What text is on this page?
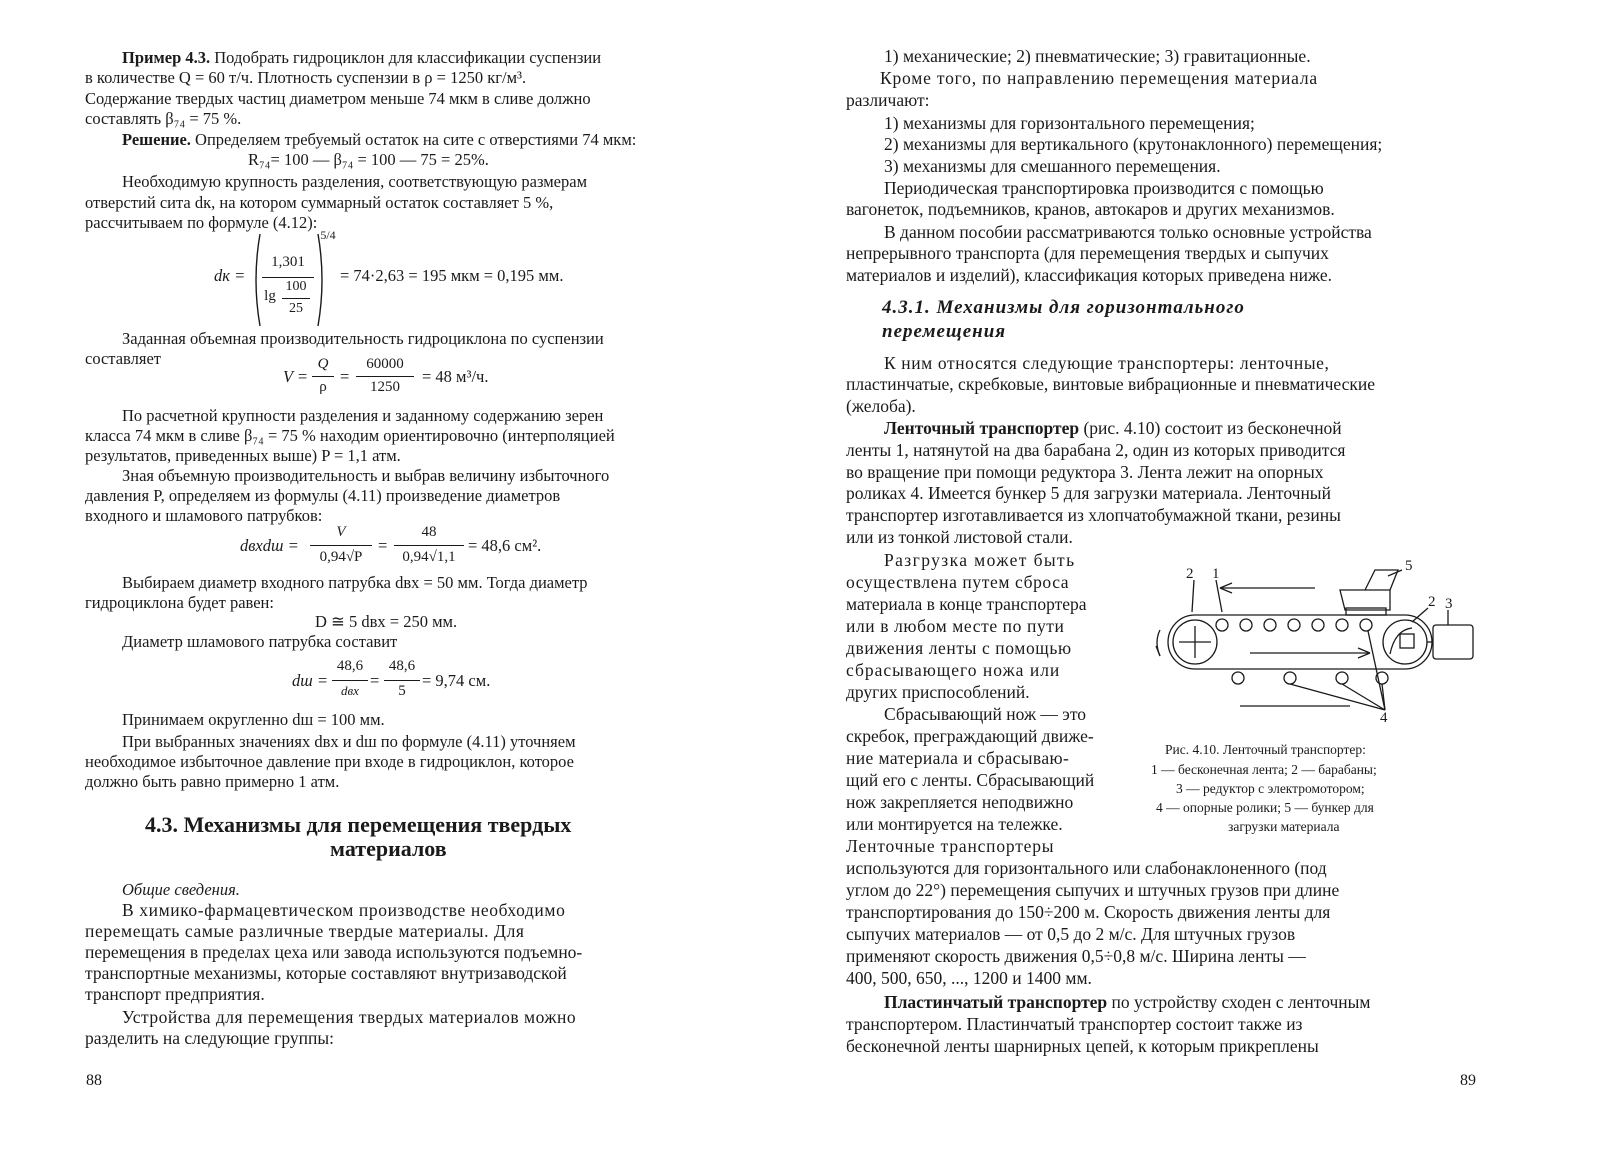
Пример 4.3. Подобрать гидроциклон для классификации суспензии
в количестве Q = 60 т/ч. Плотность суспензии в ρ = 1250 кг/м³.
Содержание твердых частиц диаметром меньше 74 мкм в сливе должно
составлять β₇₄ = 75 %.
Решение. Определяем требуемый остаток на сите с отверстиями 74 мкм:
R₇₄= 100 — β₇₄ = 100 — 75 = 25%.
Необходимую крупность разделения, соответствующую размерам
отверстий сита dк, на котором суммарный остаток составляет 5 %,
рассчитываем по формуле (4.12):
dк =
1,301
lg
100
25
5/4
= 74·2,63 = 195 мкм = 0,195 мм.
Заданная объемная производительность гидроциклона по суспензии
составляет
V =
Q
ρ
=
60000
1250
= 48 м³/ч.
По расчетной крупности разделения и заданному содержанию зерен
класса 74 мкм в сливе β₇₄ = 75 % находим ориентировочно (интерполяцией
результатов, приведенных выше) P = 1,1 атм.
Зная объемную производительность и выбрав величину избыточного
давления P, определяем из формулы (4.11) произведение диаметров
входного и шламового патрубков:
dвхdш =
V
0,94√P
=
48
0,94√1,1
= 48,6 см².
Выбираем диаметр входного патрубка dвх = 50 мм. Тогда диаметр
гидроциклона будет равен:
D ≅ 5 dвх = 250 мм.
Диаметр шламового патрубка составит
dш =
48,6
dвх
=
48,6
5
= 9,74 см.
Принимаем округленно dш = 100 мм.
При выбранных значениях dвх и dш по формуле (4.11) уточняем
необходимое избыточное давление при входе в гидроциклон, которое
должно быть равно примерно 1 атм.
4.3. Механизмы для перемещения твердых
материалов
Общие сведения.
В химико-фармацевтическом производстве необходимо
перемещать самые различные твердые материалы. Для
перемещения в пределах цеха или завода используются подъемно-
транспортные механизмы, которые составляют внутризаводской
транспорт предприятия.
Устройства для перемещения твердых материалов можно
разделить на следующие группы:
88
1) механические; 2) пневматические; 3) гравитационные.
Кроме того, по направлению перемещения материала
различают:
1) механизмы для горизонтального перемещения;
2) механизмы для вертикального (крутонаклонного) перемещения;
3) механизмы для смешанного перемещения.
Периодическая транспортировка производится с помощью
вагонеток, подъемников, кранов, автокаров и других механизмов.
В данном пособии рассматриваются только основные устройства
непрерывного транспорта (для перемещения твердых и сыпучих
материалов и изделий), классификация которых приведена ниже.
4.3.1. Механизмы для горизонтального
перемещения
К ним относятся следующие транспортеры: ленточные,
пластинчатые, скребковые, винтовые вибрационные и пневматические
(желоба).
Ленточный транспортер (рис. 4.10) состоит из бесконечной
ленты 1, натянутой на два барабана 2, один из которых приводится
во вращение при помощи редуктора 3. Лента лежит на опорных
роликах 4. Имеется бункер 5 для загрузки материала. Ленточный
транспортер изготавливается из хлопчатобумажной ткани, резины
или из тонкой листовой стали.
Разгрузка может быть
осуществлена путем сброса
материала в конце транспортера
или в любом месте по пути
движения ленты с помощью
сбрасывающего ножа или
других приспособлений.
Сбрасывающий нож — это
скребок, преграждающий движе-
ние материала и сбрасываю-
щий его с ленты. Сбрасывающий
нож закрепляется неподвижно
или монтируется на тележке.
Ленточные транспортеры
используются для горизонтального или слабонаклоненного (под
углом до 22°) перемещения сыпучих и штучных грузов при длине
транспортирования до 150÷200 м. Скорость движения ленты для
сыпучих материалов — от 0,5 до 2 м/с. Для штучных грузов
применяют скорость движения 0,5÷0,8 м/с. Ширина ленты —
400, 500, 650, ..., 1200 и 1400 мм.
Пластинчатый транспортер по устройству сходен с ленточным
транспортером. Пластинчатый транспортер состоит также из
бесконечной ленты шарнирных цепей, к которым прикреплены
2 1	5
2 3
4
Рис. 4.10. Ленточный транспортер:
1 — бесконечная лента; 2 — барабаны;
3 — редуктор с электромотором;
4 — опорные ролики; 5 — бункер для
загрузки материала
89
